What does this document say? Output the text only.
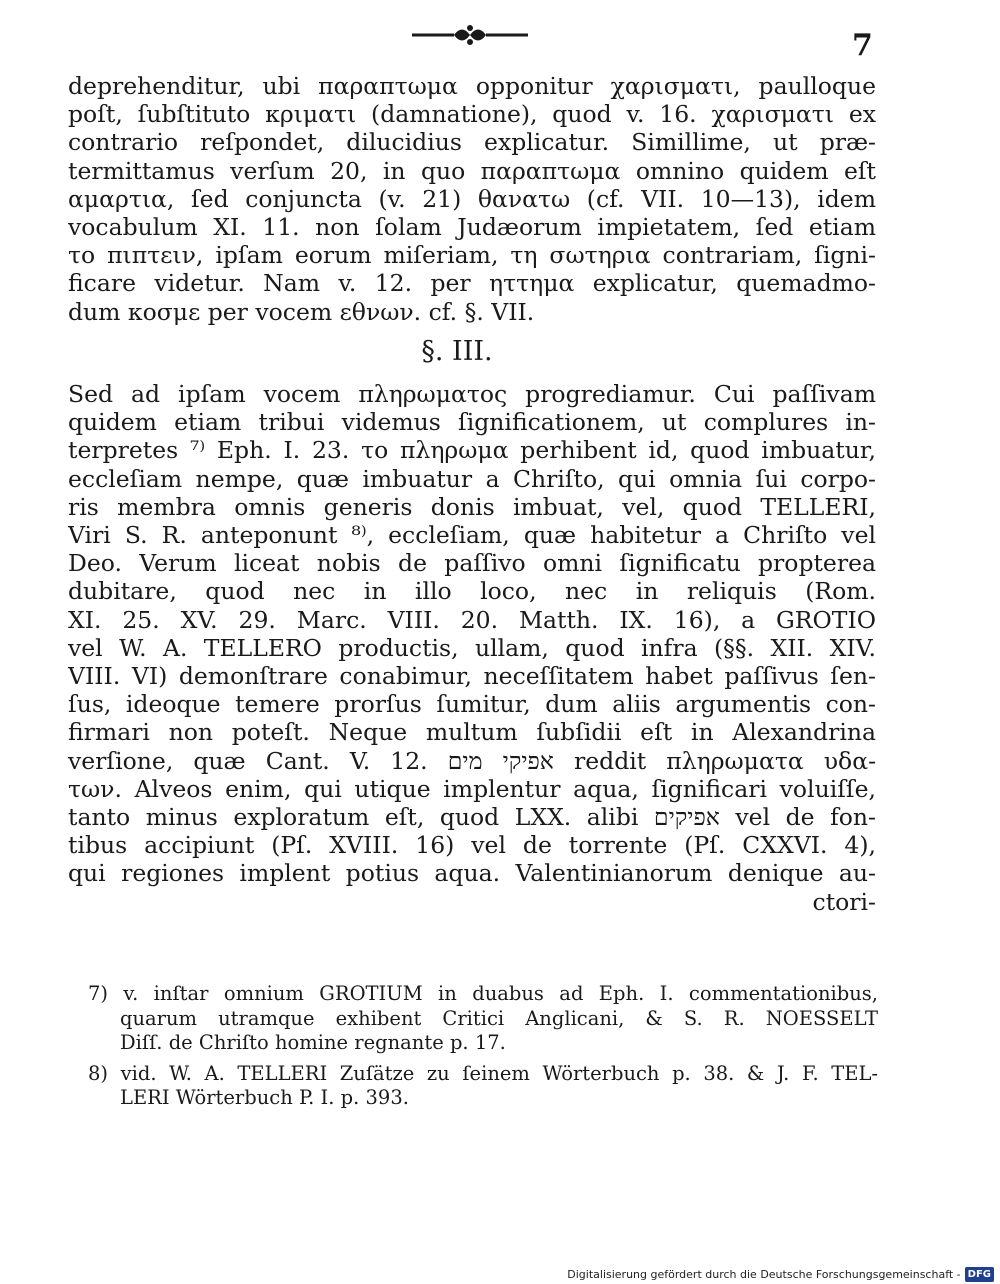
7
deprehenditur, ubi παραπτωμα opponitur χαρισματι, paulloque
poſt, ſubſtituto κριματι (damnatione), quod v. 16. χαρισματι ex
contrario reſpondet, dilucidius explicatur. Simillime, ut præ-
termittamus verſum 20, in quo παραπτωμα omnino quidem eſt
αμαρτια, ſed conjuncta (v. 21) θανατω (cf. VII. 10—13), idem
vocabulum XI. 11. non ſolam Judæorum impietatem, ſed etiam
το πιπτειν, ipſam eorum miſeriam, τη σωτηρια contrariam, ſigni-
ficare videtur. Nam v. 12. per ηττημα explicatur, quemadmo-
dum κοσμε per vocem εθνων. cf. §. VII.
§. III.
Sed ad ipſam vocem πληρωματος progrediamur. Cui paſſivam
quidem etiam tribui videmus ſignificationem, ut complures in-
terpretes ⁷⁾ Eph. I. 23. το πληρωμα perhibent id, quod imbuatur,
eccleſiam nempe, quæ imbuatur a Chriſto, qui omnia ſui corpo-
ris membra omnis generis donis imbuat, vel, quod TELLERI,
Viri S. R. anteponunt ⁸⁾, eccleſiam, quæ habitetur a Chriſto vel
Deo. Verum liceat nobis de paſſivo omni ſignificatu propterea
dubitare, quod nec in illo loco, nec in reliquis (Rom.
XI. 25. XV. 29. Marc. VIII. 20. Matth. IX. 16), a GROTIO
vel W. A. TELLERO productis, ullam, quod infra (§§. XII. XIV.
VIII. VI) demonſtrare conabimur, neceſſitatem habet paſſivus ſen-
ſus, ideoque temere prorſus ſumitur, dum aliis argumentis con-
firmari non poteſt. Neque multum ſubſidii eſt in Alexandrina
verſione, quæ Cant. V. 12. אפיקי מים reddit πληρωματα υδα-
των. Alveos enim, qui utique implentur aqua, ſignificari voluiſſe,
tanto minus exploratum eſt, quod LXX. alibi אפיקים vel de fon-
tibus accipiunt (Pſ. XVIII. 16) vel de torrente (Pſ. CXXVI. 4),
qui regiones implent potius aqua. Valentinianorum denique au-
ctori-
7) v. inſtar omnium GROTIUM in duabus ad Eph. I. commentationibus,
quarum utramque exhibent Critici Anglicani, & S. R. NOESSELT
Diſſ. de Chriſto homine regnante p. 17.
8) vid. W. A. TELLERI Zuſätze zu ſeinem Wörterbuch p. 38. & J. F. TEL-
LERI Wörterbuch P. I. p. 393.
Digitalisierung gefördert durch die Deutsche Forschungsgemeinschaft - DFG
